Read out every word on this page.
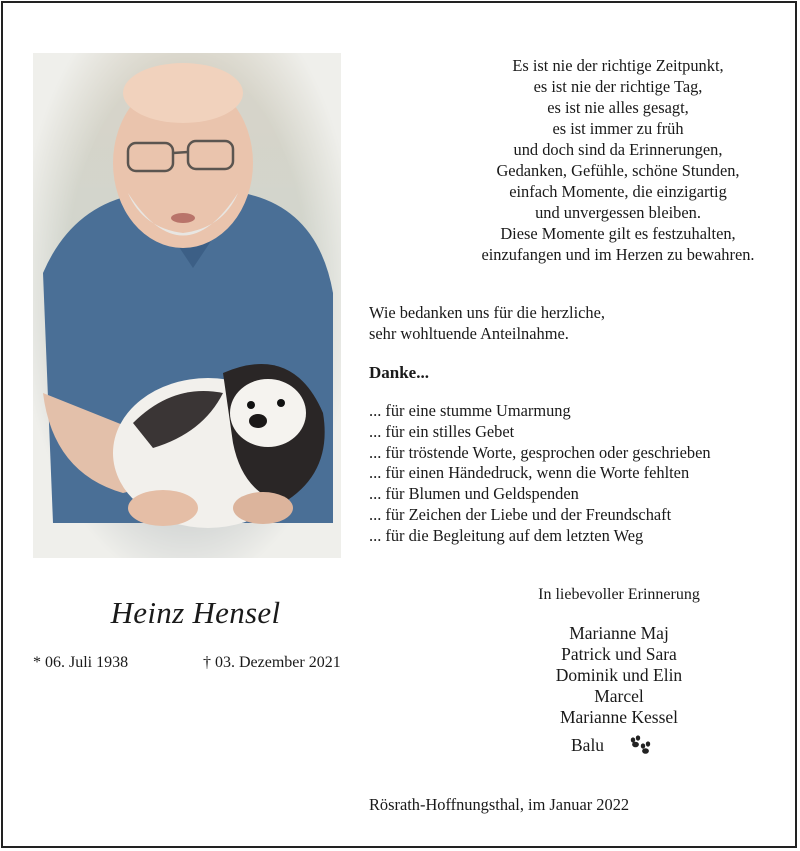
Es ist nie der richtige Zeitpunkt,
es ist nie der richtige Tag,
es ist nie alles gesagt,
es ist immer zu früh
und doch sind da Erinnerungen,
Gedanken, Gefühle, schöne Stunden,
einfach Momente, die einzigartig
und unvergessen bleiben.
Diese Momente gilt es festzuhalten,
einzufangen und im Herzen zu bewahren.
Wie bedanken uns für die herzliche,
sehr wohltuende Anteilnahme.
Danke...
... für eine stumme Umarmung
... für ein stilles Gebet
... für tröstende Worte, gesprochen oder geschrieben
... für einen Händedruck, wenn die Worte fehlten
... für Blumen und Geldspenden
... für Zeichen der Liebe und der Freundschaft
... für die Begleitung auf dem letzten Weg
In liebevoller Erinnerung
Marianne Maj
Patrick und Sara
Dominik und Elin
Marcel
Marianne Kessel
Balu
Heinz Hensel
* 06. Juli 1938	† 03. Dezember 2021
Rösrath-Hoffnungsthal, im Januar 2022
